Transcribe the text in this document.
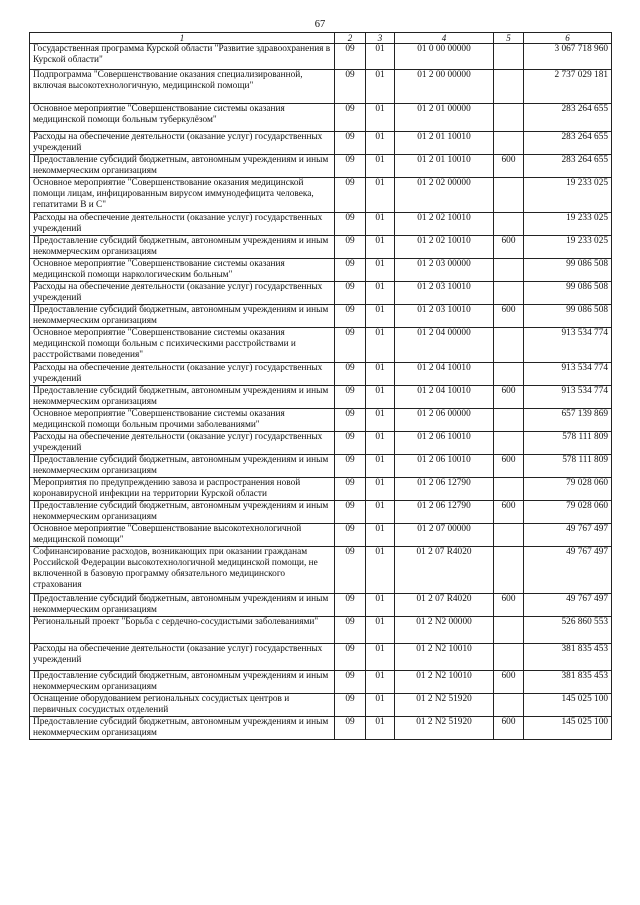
67
1	2	3	4	5	6
Государственная программа Курской области "Развитие здравоохранения в Курской области"	09	01	01 0 00 00000		3 067 718 960
Подпрограмма "Совершенствование оказания специализированной, включая высокотехнологичную, медицинской помощи"	09	01	01 2 00 00000		2 737 029 181
Основное мероприятие "Совершенствование системы оказания медицинской помощи больным туберкулёзом"	09	01	01 2 01 00000		283 264 655
Расходы на обеспечение деятельности (оказание услуг) государственных учреждений	09	01	01 2 01 10010		283 264 655
Предоставление субсидий бюджетным, автономным учреждениям и иным некоммерческим организациям	09	01	01 2 01 10010	600	283 264 655
Основное мероприятие "Совершенствование оказания медицинской помощи лицам, инфицированным вирусом иммунодефицита человека, гепатитами В и С"	09	01	01 2 02 00000		19 233 025
Расходы на обеспечение деятельности (оказание услуг) государственных учреждений	09	01	01 2 02 10010		19 233 025
Предоставление субсидий бюджетным, автономным учреждениям и иным некоммерческим организациям	09	01	01 2 02 10010	600	19 233 025
Основное мероприятие "Совершенствование системы оказания медицинской помощи наркологическим больным"	09	01	01 2 03 00000		99 086 508
Расходы на обеспечение деятельности (оказание услуг) государственных учреждений	09	01	01 2 03 10010		99 086 508
Предоставление субсидий бюджетным, автономным учреждениям и иным некоммерческим организациям	09	01	01 2 03 10010	600	99 086 508
Основное мероприятие "Совершенствование системы оказания медицинской помощи больным с психическими расстройствами и расстройствами поведения"	09	01	01 2 04 00000		913 534 774
Расходы на обеспечение деятельности (оказание услуг) государственных учреждений	09	01	01 2 04 10010		913 534 774
Предоставление субсидий бюджетным, автономным учреждениям и иным некоммерческим организациям	09	01	01 2 04 10010	600	913 534 774
Основное мероприятие "Совершенствование системы оказания медицинской помощи больным прочими заболеваниями"	09	01	01 2 06 00000		657 139 869
Расходы на обеспечение деятельности (оказание услуг) государственных учреждений	09	01	01 2 06 10010		578 111 809
Предоставление субсидий бюджетным, автономным учреждениям и иным некоммерческим организациям	09	01	01 2 06 10010	600	578 111 809
Мероприятия по предупреждению завоза и распространения новой коронавирусной инфекции на территории Курской области	09	01	01 2 06 12790		79 028 060
Предоставление субсидий бюджетным, автономным учреждениям и иным некоммерческим организациям	09	01	01 2 06 12790	600	79 028 060
Основное мероприятие "Совершенствование высокотехнологичной медицинской помощи"	09	01	01 2 07 00000		49 767 497
Софинансирование расходов, возникающих при оказании гражданам Российской Федерации высокотехнологичной медицинской помощи, не включенной в базовую программу обязательного медицинского страхования	09	01	01 2 07 R4020		49 767 497
Предоставление субсидий бюджетным, автономным учреждениям и иным некоммерческим организациям	09	01	01 2 07 R4020	600	49 767 497
Региональный проект "Борьба с сердечно-сосудистыми заболеваниями"	09	01	01 2 N2 00000		526 860 553
Расходы на обеспечение деятельности (оказание услуг) государственных учреждений	09	01	01 2 N2 10010		381 835 453
Предоставление субсидий бюджетным, автономным учреждениям и иным некоммерческим организациям	09	01	01 2 N2 10010	600	381 835 453
Оснащение оборудованием региональных сосудистых центров и первичных сосудистых отделений	09	01	01 2 N2 51920		145 025 100
Предоставление субсидий бюджетным, автономным учреждениям и иным некоммерческим организациям	09	01	01 2 N2 51920	600	145 025 100
